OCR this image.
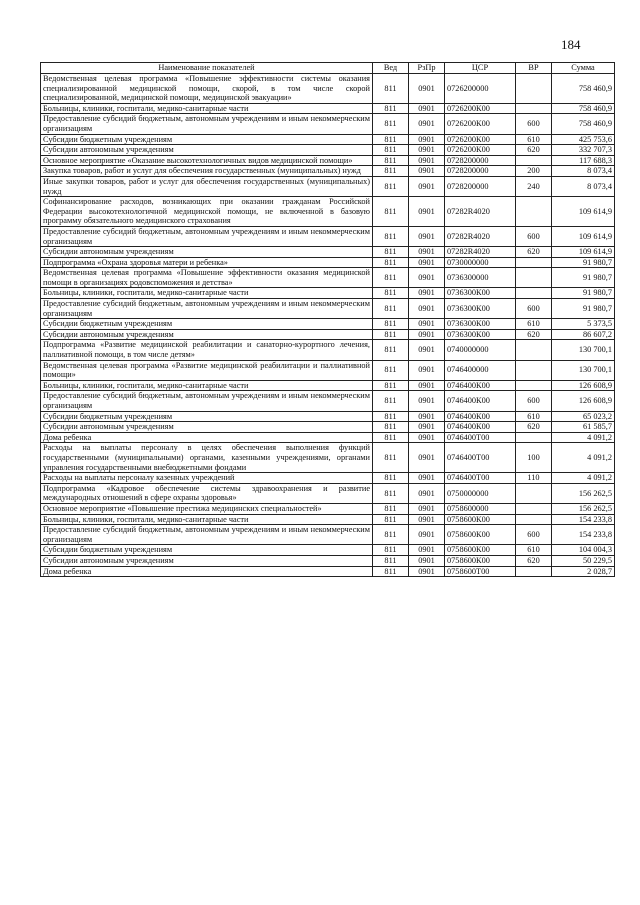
184
Наименование показателей	Вед	РзПр	ЦСР	ВР	Сумма
Ведомственная целевая программа «Повышение эффективности системы оказания специализированной медицинской помощи, скорой, в том числе скорой специализированной, медицинской помощи, медицинской эвакуации»	811	0901	0726200000		758 460,9
Больницы, клиники, госпитали, медико-санитарные части	811	0901	0726200К00		758 460,9
Предоставление субсидий бюджетным, автономным учреждениям и иным некоммерческим организациям	811	0901	0726200К00	600	758 460,9
Субсидии бюджетным учреждениям	811	0901	0726200К00	610	425 753,6
Субсидии автономным учреждениям	811	0901	0726200К00	620	332 707,3
Основное мероприятие «Оказание высокотехнологичных видов медицинской помощи»	811	0901	0728200000		117 688,3
Закупка товаров, работ и услуг для обеспечения государственных (муниципальных) нужд	811	0901	0728200000	200	8 073,4
Иные закупки товаров, работ и услуг для обеспечения государственных (муниципальных) нужд	811	0901	0728200000	240	8 073,4
Софинансирование расходов, возникающих при оказании гражданам Российской Федерации высокотехнологичной медицинской помощи, не включенной в базовую программу обязательного медицинского страхования	811	0901	07282R4020		109 614,9
Предоставление субсидий бюджетным, автономным учреждениям и иным некоммерческим организациям	811	0901	07282R4020	600	109 614,9
Субсидии автономным учреждениям	811	0901	07282R4020	620	109 614,9
Подпрограмма «Охрана здоровья матери и ребенка»	811	0901	0730000000		91 980,7
Ведомственная целевая программа «Повышение эффективности оказания медицинской помощи в организациях родовспоможения и детства»	811	0901	0736300000		91 980,7
Больницы, клиники, госпитали, медико-санитарные части	811	0901	0736300К00		91 980,7
Предоставление субсидий бюджетным, автономным учреждениям и иным некоммерческим организациям	811	0901	0736300К00	600	91 980,7
Субсидии бюджетным учреждениям	811	0901	0736300К00	610	5 373,5
Субсидии автономным учреждениям	811	0901	0736300К00	620	86 607,2
Подпрограмма «Развитие медицинской реабилитации и санаторно-курортного лечения, паллиативной помощи, в том числе детям»	811	0901	0740000000		130 700,1
Ведомственная целевая программа «Развитие медицинской реабилитации и паллиативной помощи»	811	0901	0746400000		130 700,1
Больницы, клиники, госпитали, медико-санитарные части	811	0901	0746400К00		126 608,9
Предоставление субсидий бюджетным, автономным учреждениям и иным некоммерческим организациям	811	0901	0746400К00	600	126 608,9
Субсидии бюджетным учреждениям	811	0901	0746400К00	610	65 023,2
Субсидии автономным учреждениям	811	0901	0746400К00	620	61 585,7
Дома ребенка	811	0901	0746400Т00		4 091,2
Расходы на выплаты персоналу в целях обеспечения выполнения функций государственными (муниципальными) органами, казенными учреждениями, органами управления государственными внебюджетными фондами	811	0901	0746400Т00	100	4 091,2
Расходы на выплаты персоналу казенных учреждений	811	0901	0746400Т00	110	4 091,2
Подпрограмма «Кадровое обеспечение системы здравоохранения и развитие международных отношений в сфере охраны здоровья»	811	0901	0750000000		156 262,5
Основное мероприятие «Повышение престижа медицинских специальностей»	811	0901	0758600000		156 262,5
Больницы, клиники, госпитали, медико-санитарные части	811	0901	0758600К00		154 233,8
Предоставление субсидий бюджетным, автономным учреждениям и иным некоммерческим организациям	811	0901	0758600К00	600	154 233,8
Субсидии бюджетным учреждениям	811	0901	0758600К00	610	104 004,3
Субсидии автономным учреждениям	811	0901	0758600К00	620	50 229,5
Дома ребенка	811	0901	0758600Т00		2 028,7
